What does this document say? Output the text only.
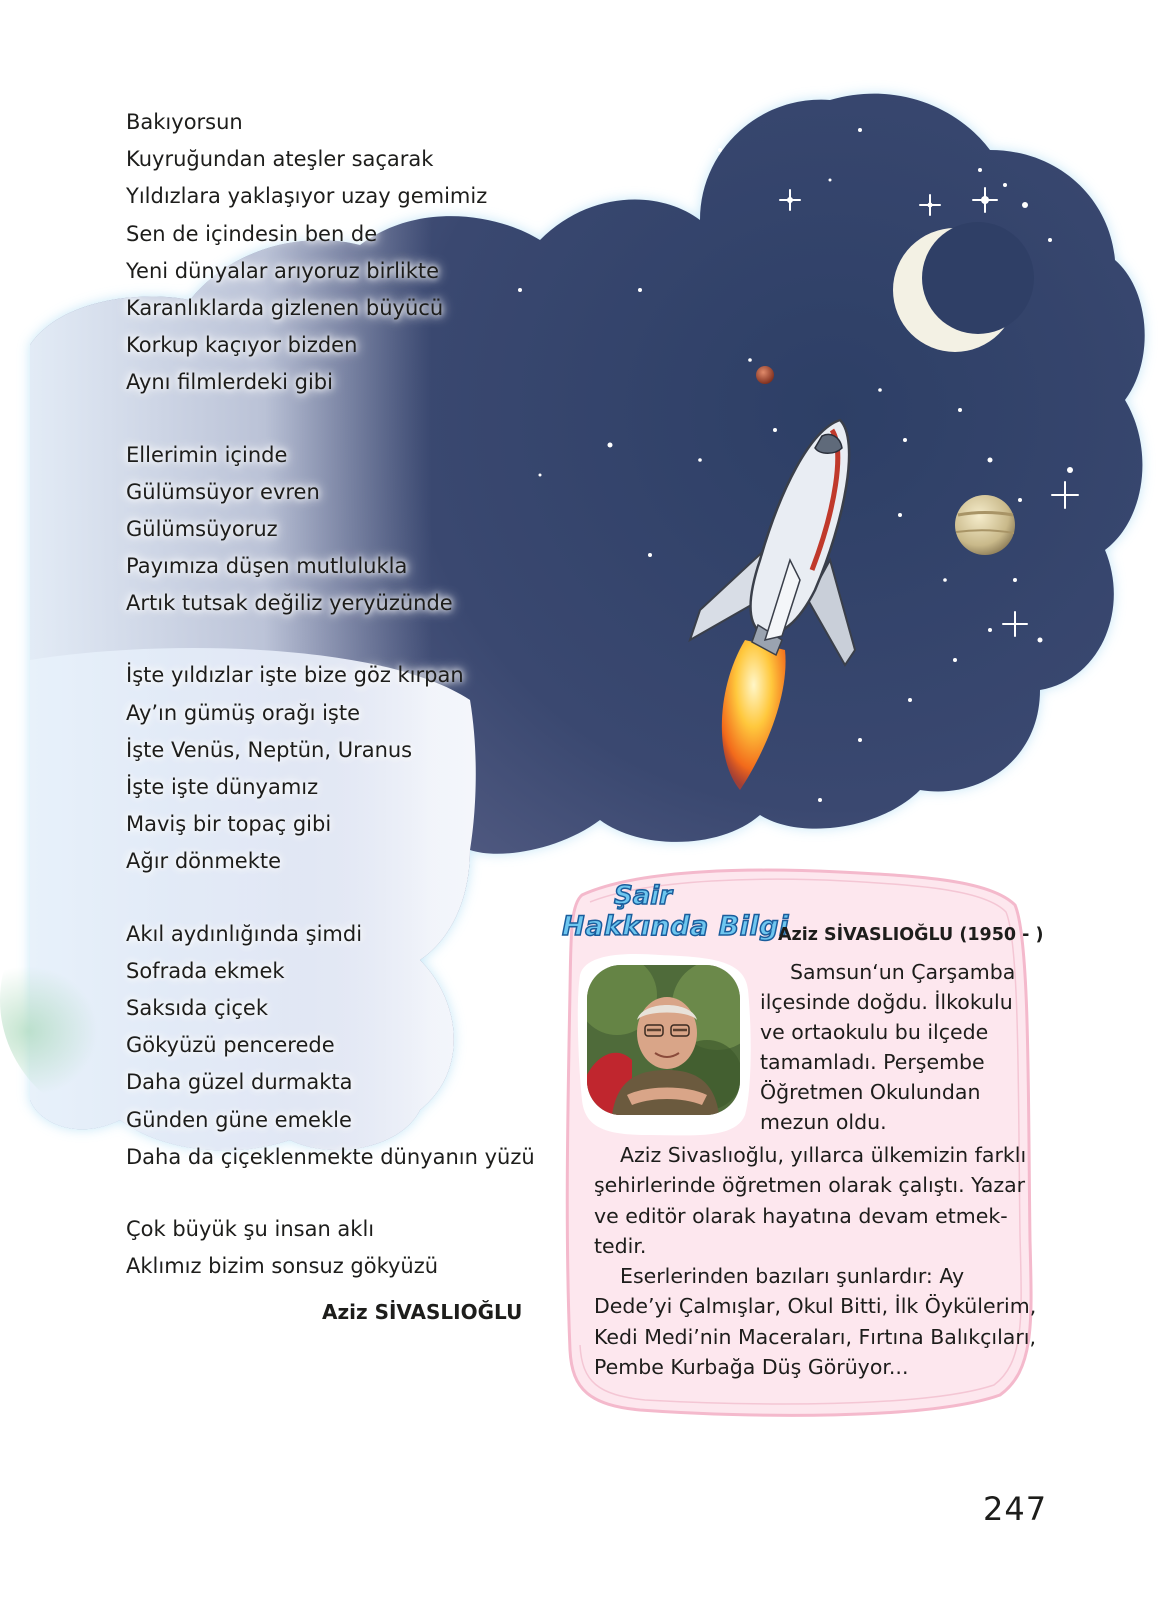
Bakıyorsun
Kuyruğundan ateşler saçarak
Yıldızlara yaklaşıyor uzay gemimiz
Sen de içindesin ben de
Yeni dünyalar arıyoruz birlikte
Karanlıklarda gizlenen büyücü
Korkup kaçıyor bizden
Aynı filmlerdeki gibi
Ellerimin içinde
Gülümsüyor evren
Gülümsüyoruz
Payımıza düşen mutlulukla
Artık tutsak değiliz yeryüzünde
İşte yıldızlar işte bize göz kırpan
Ay’ın gümüş orağı işte
İşte Venüs, Neptün, Uranus
İşte işte dünyamız
Maviş bir topaç gibi
Ağır dönmekte
Akıl aydınlığında şimdi
Sofrada ekmek
Saksıda çiçek
Gökyüzü pencerede
Daha güzel durmakta
Günden güne emekle
Daha da çiçeklenmekte dünyanın yüzü
Çok büyük şu insan aklı
Aklımız bizim sonsuz gökyüzü
Aziz SİVASLIOĞLU
Şair
Hakkında Bilgi
Aziz SİVASLIOĞLU (1950 - )
Samsun‘un Çarşamba
ilçesinde doğdu. İlkokulu
ve ortaokulu bu ilçede
tamamladı. Perşembe
Öğretmen Okulundan
mezun oldu.
Aziz Sivaslıoğlu, yıllarca ülkemizin farklı
şehirlerinde öğretmen olarak çalıştı. Yazar
ve editör olarak hayatına devam etmek-
tedir.
Eserlerinden bazıları şunlardır: Ay
Dede’yi Çalmışlar, Okul Bitti, İlk Öykülerim,
Kedi Medi’nin Maceraları, Fırtına Balıkçıları,
Pembe Kurbağa Düş Görüyor...
247
